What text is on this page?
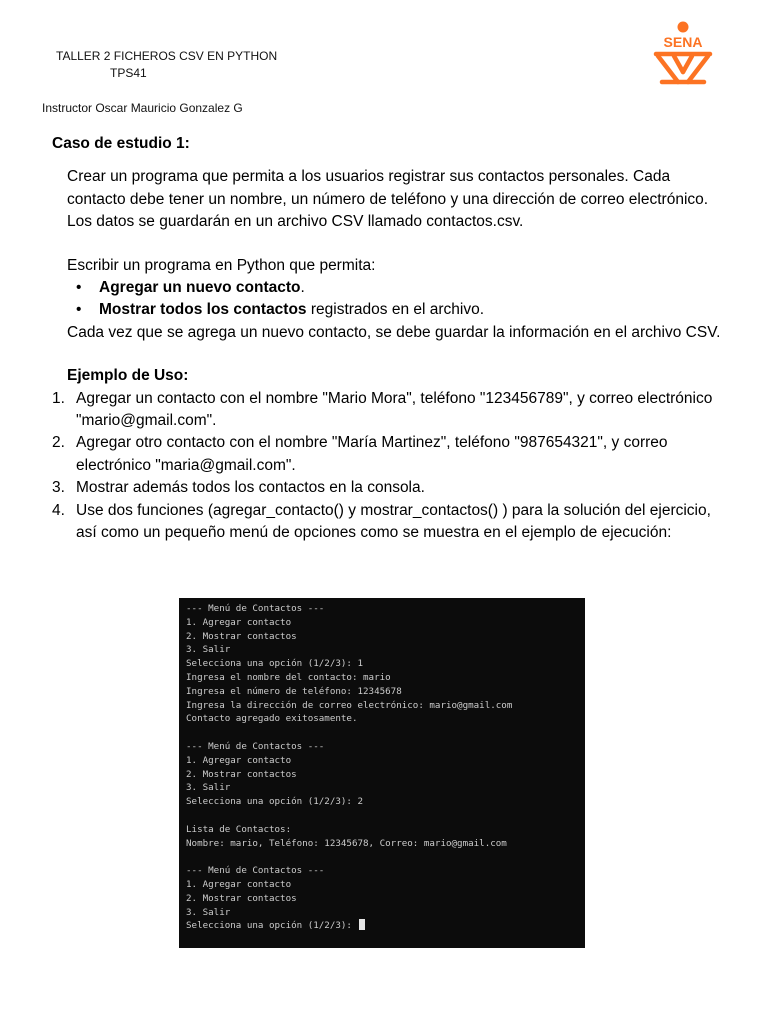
TALLER 2 FICHEROS CSV EN PYTHON
TPS41
Instructor Oscar Mauricio Gonzalez G
SENA

Caso de estudio 1:

Crear un programa que permita a los usuarios registrar sus contactos personales. Cada contacto debe tener un nombre, un número de teléfono y una dirección de correo electrónico. Los datos se guardarán en un archivo CSV llamado contactos.csv.

Escribir un programa en Python que permita:

• Agregar un nuevo contacto.
• Mostrar todos los contactos registrados en el archivo.

Cada vez que se agrega un nuevo contacto, se debe guardar la información en el archivo CSV.

Ejemplo de Uso:

1. Agregar un contacto con el nombre "Mario Mora", teléfono "123456789", y correo electrónico "mario@gmail.com".
2. Agregar otro contacto con el nombre "María Martinez", teléfono "987654321", y correo electrónico "maria@gmail.com".
3. Mostrar además todos los contactos en la consola.
4. Use dos funciones (agregar_contacto() y mostrar_contactos() ) para la solución del ejercicio, así como un pequeño menú de opciones como se muestra en el ejemplo de ejecución:
--- Menú de Contactos ---
1. Agregar contacto
2. Mostrar contactos
3. Salir
Selecciona una opción (1/2/3): 1
Ingresa el nombre del contacto: mario
Ingresa el número de teléfono: 12345678
Ingresa la dirección de correo electrónico: mario@gmail.com
Contacto agregado exitosamente.
--- Menú de Contactos ---
1. Agregar contacto
2. Mostrar contactos
3. Salir
Selecciona una opción (1/2/3): 2
Lista de Contactos:
Nombre: mario, Teléfono: 12345678, Correo: mario@gmail.com
--- Menú de Contactos ---
1. Agregar contacto
2. Mostrar contactos
3. Salir
Selecciona una opción (1/2/3):
